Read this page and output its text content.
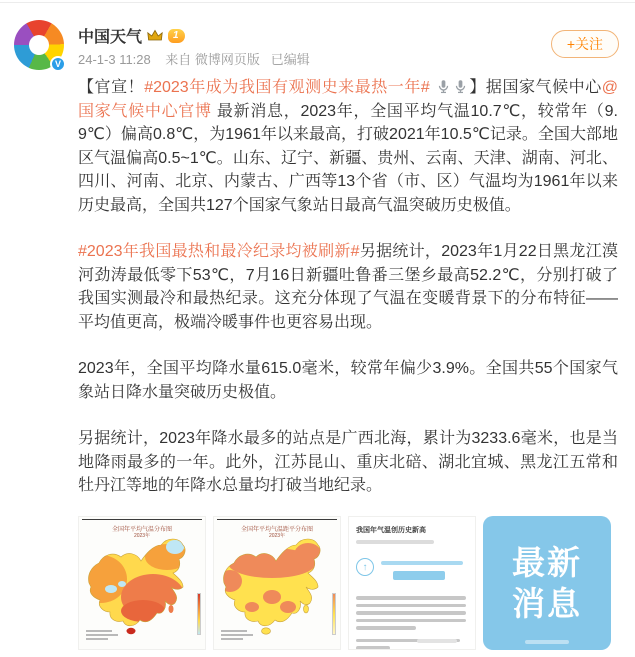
V
中国天气	1
24-1-3 11:28 来自 微博网页版 已编辑
+关注

【官宣！#2023年成为我国有观测史来最热一年# 】据国家气候中心@国家气候中心官博 最新消息，2023年，全国平均气温10.7℃，较常年（9.9℃）偏高0.8℃，为1961年以来最高，打破2021年10.5℃记录。全国大部地区气温偏高0.5~1℃。山东、辽宁、新疆、贵州、云南、天津、湖南、河北、四川、河南、北京、内蒙古、广西等13个省（市、区）气温均为1961年以来历史最高，全国共127个国家气象站日最高气温突破历史极值。

#2023年我国最热和最冷纪录均被刷新#另据统计，2023年1月22日黑龙江漠河劲涛最低零下53℃，7月16日新疆吐鲁番三堡乡最高52.2℃，分别打破了我国实测最冷和最热纪录。这充分体现了气温在变暖背景下的分布特征——平均值更高，极端冷暖事件也更容易出现。

2023年，全国平均降水量615.0毫米，较常年偏少3.9%。全国共55个国家气象站日降水量突破历史极值。

另据统计，2023年降水最多的站点是广西北海，累计为3233.6毫米，也是当地降雨最多的一年。此外，江苏昆山、重庆北碚、湖北宜城、黑龙江五常和牡丹江等地的年降水总量均打破当地纪录。

全国年平均气温分布图
2023年
全国年平均气温距平分布图
2023年
我国年气温创历史新高
↑	最新
消息
